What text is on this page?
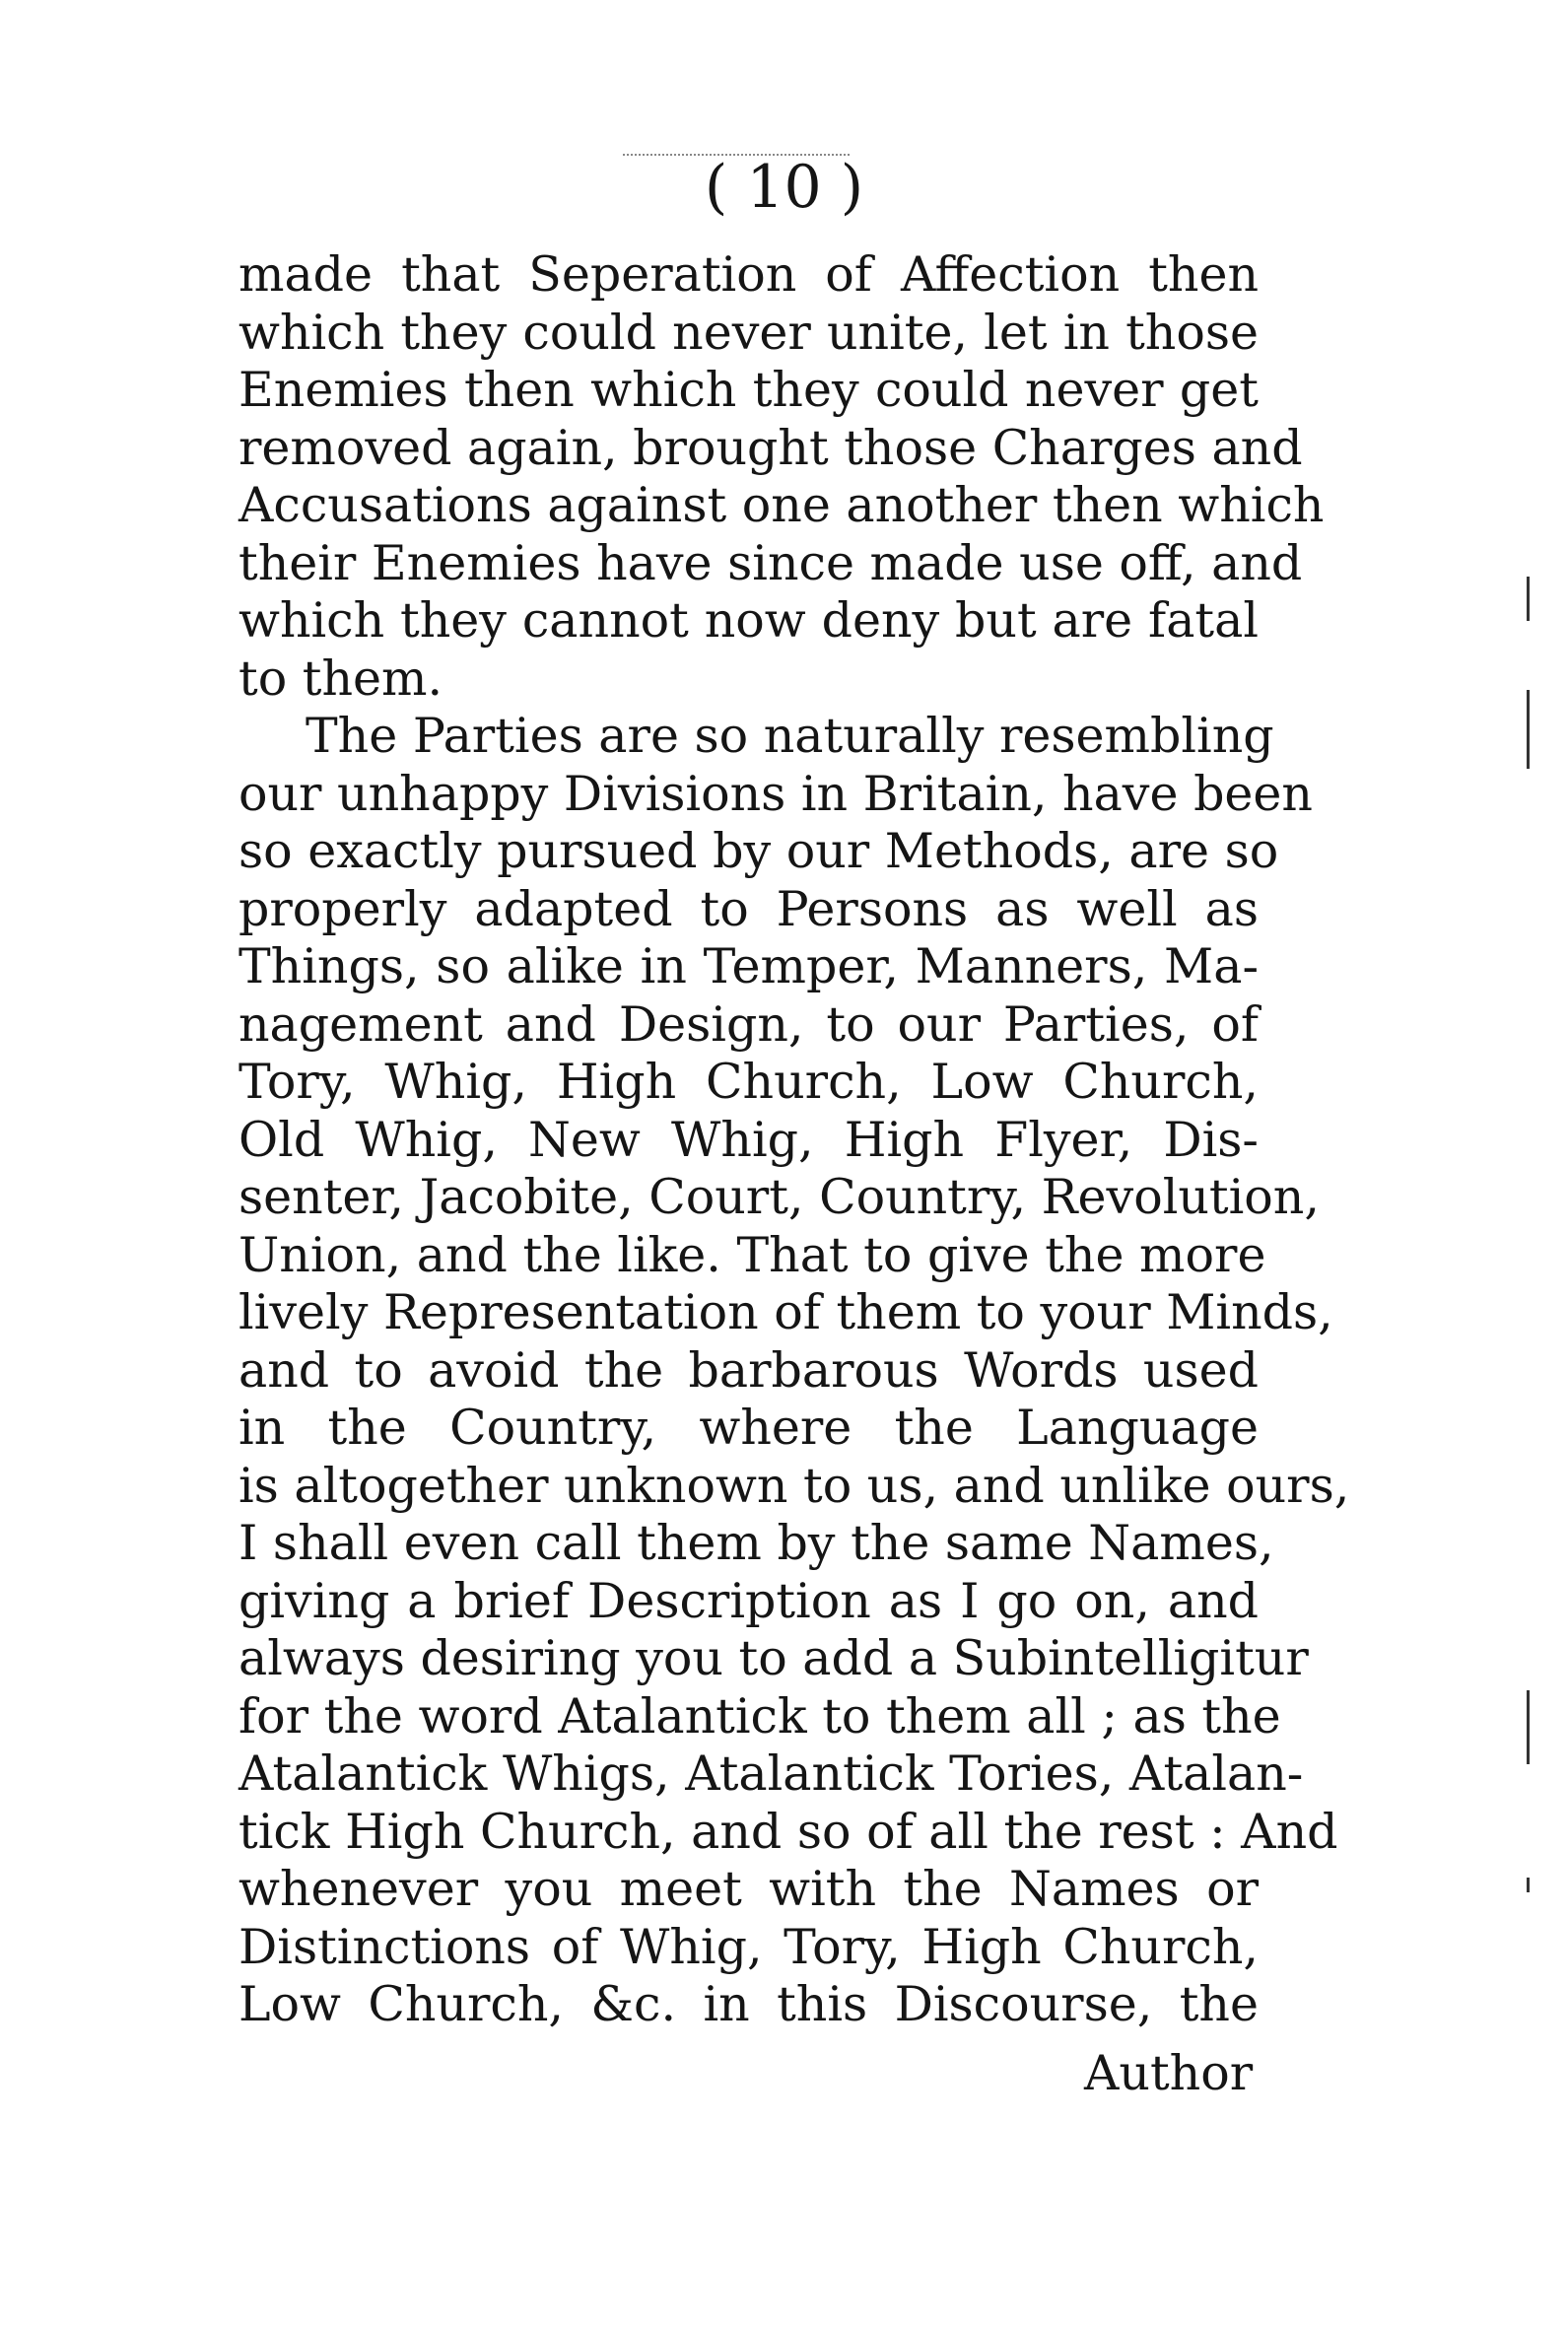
( 10 )
made that Seperation of Affection then
which they could never unite, let in those
Enemies then which they could never get
removed again, brought those Charges and
Accusations against one another then which
their Enemies have since made use off, and
which they cannot now deny but are fatal
to them.
The Parties are so naturally resembling
our unhappy Divisions in Britain, have been
so exactly pursued by our Methods, are so
properly adapted to Persons as well as
Things, so alike in Temper, Manners, Ma-
nagement and Design, to our Parties, of
Tory, Whig, High Church, Low Church,
Old Whig, New Whig, High Flyer, Dis-
senter, Jacobite, Court, Country, Revolution,
Union, and the like. That to give the more
lively Representation of them to your Minds,
and to avoid the barbarous Words used
in the Country, where the Language
is altogether unknown to us, and unlike ours,
I shall even call them by the same Names,
giving a brief Description as I go on, and
always desiring you to add a Subintelligitur
for the word Atalantick to them all ; as the
Atalantick Whigs, Atalantick Tories, Atalan-
tick High Church, and so of all the rest : And
whenever you meet with the Names or
Distinctions of Whig, Tory, High Church,
Low Church, &c. in this Discourse, the
Author
